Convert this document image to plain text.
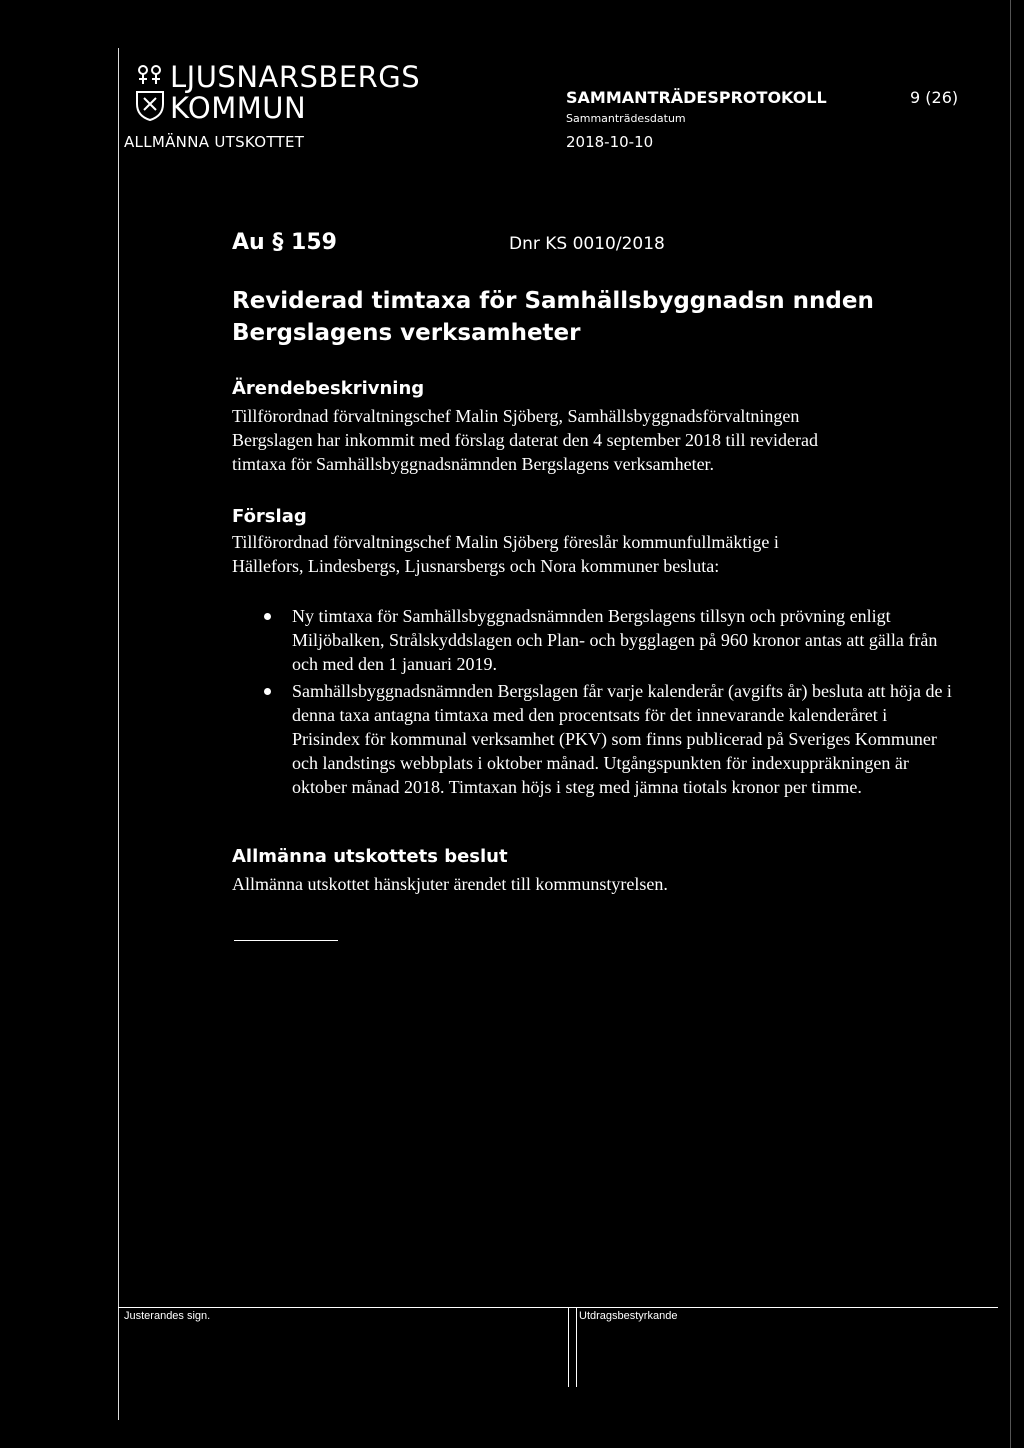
LJUSNARSBERGS
KOMMUN
ALLMÄNNA UTSKOTTET
SAMMANTRÄDESPROTOKOLL
Sammanträdesdatum
2018-10-10
9 (26)
Au § 159	Dnr KS 0010/2018
Reviderad timtaxa för Samhällsbyggnadsn nnden
Bergslagens verksamheter
Ärendebeskrivning
Tillförordnad förvaltningschef Malin Sjöberg, Samhällsbyggnadsförvaltningen
Bergslagen har inkommit med förslag daterat den 4 september 2018 till reviderad
timtaxa för Samhällsbyggnadsnämnden Bergslagens verksamheter.
Förslag
Tillförordnad förvaltningschef Malin Sjöberg föreslår kommunfullmäktige i
Hällefors, Lindesbergs, Ljusnarsbergs och Nora kommuner besluta:
Ny timtaxa för Samhällsbyggnadsnämnden Bergslagens tillsyn och prövning enligt Miljöbalken, Strålskyddslagen och Plan- och bygglagen på 960 kronor antas att gälla från och med den 1 januari 2019.
Samhällsbyggnadsnämnden Bergslagen får varje kalenderår (avgifts år) besluta att höja de i denna taxa antagna timtaxa med den procentsats för det innevarande kalenderåret i Prisindex för kommunal verksamhet (PKV) som finns publicerad på Sveriges Kommuner och landstings webbplats i oktober månad. Utgångspunkten för indexuppräkningen är oktober månad 2018. Timtaxan höjs i steg med jämna tiotals kronor per timme.
Allmänna utskottets beslut
Allmänna utskottet hänskjuter ärendet till kommunstyrelsen.
Justerandes sign.	Utdragsbestyrkande
